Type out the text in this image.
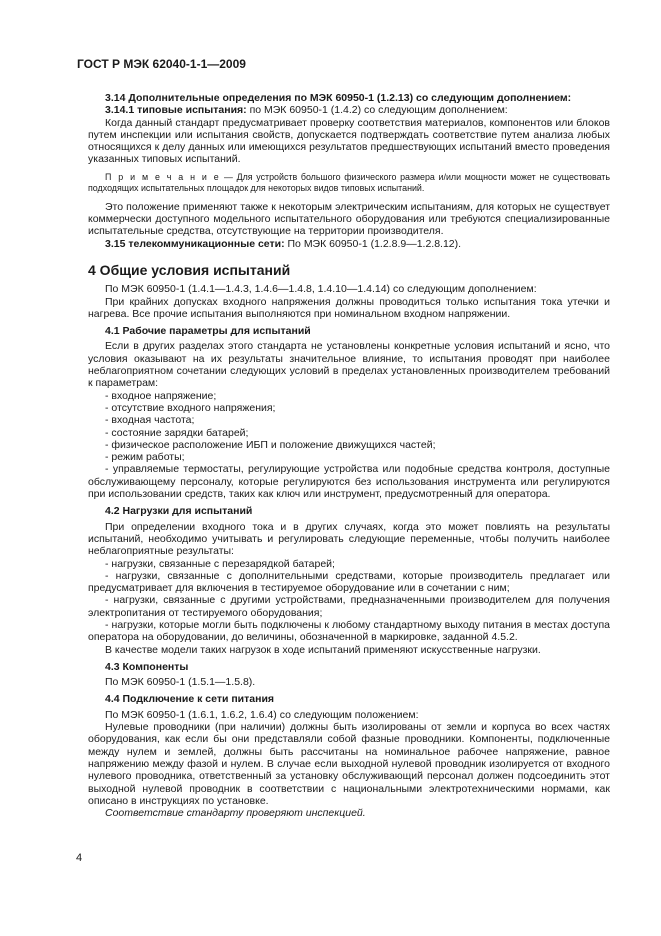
ГОСТ Р МЭК 62040-1-1—2009

3.14 Дополнительные определения по МЭК 60950-1 (1.2.13) со следующим дополнением:

3.14.1 типовые испытания: по МЭК 60950-1 (1.4.2) со следующим дополнением:

Когда данный стандарт предусматривает проверку соответствия материалов, компонентов или блоков путем инспекции или испытания свойств, допускается подтверждать соответствие путем анализа любых относящихся к делу данных или имеющихся результатов предшествующих испытаний вместо проведения указанных типовых испытаний.

П р и м е ч а н и е — Для устройств большого физического размера и/или мощности может не существовать подходящих испытательных площадок для некоторых видов типовых испытаний.

Это положение применяют также к некоторым электрическим испытаниям, для которых не существует коммерчески доступного модельного испытательного оборудования или требуются специализированные испытательные средства, отсутствующие на территории производителя.

3.15 телекоммуникационные сети: По МЭК 60950-1 (1.2.8.9—1.2.8.12).

4 Общие условия испытаний

По МЭК 60950-1 (1.4.1—1.4.3, 1.4.6—1.4.8, 1.4.10—1.4.14) со следующим дополнением:

При крайних допусках входного напряжения должны проводиться только испытания тока утечки и нагрева. Все прочие испытания выполняются при номинальном входном напряжении.

4.1 Рабочие параметры для испытаний

Если в других разделах этого стандарта не установлены конкретные условия испытаний и ясно, что условия оказывают на их результаты значительное влияние, то испытания проводят при наиболее неблагоприятном сочетании следующих условий в пределах установленных производителем требований к параметрам:

- входное напряжение;

- отсутствие входного напряжения;

- входная частота;

- состояние зарядки батарей;

- физическое расположение ИБП и положение движущихся частей;

- режим работы;

- управляемые термостаты, регулирующие устройства или подобные средства контроля, доступные обслуживающему персоналу, которые регулируются без использования инструмента или регулируются при использовании средств, таких как ключ или инструмент, предусмотренный для оператора.

4.2 Нагрузки для испытаний

При определении входного тока и в других случаях, когда это может повлиять на результаты испытаний, необходимо учитывать и регулировать следующие переменные, чтобы получить наиболее неблагоприятные результаты:

- нагрузки, связанные с перезарядкой батарей;

- нагрузки, связанные с дополнительными средствами, которые производитель предлагает или предусматривает для включения в тестируемое оборудование или в сочетании с ним;

- нагрузки, связанные с другими устройствами, предназначенными производителем для получения электропитания от тестируемого оборудования;

- нагрузки, которые могли быть подключены к любому стандартному выходу питания в местах доступа оператора на оборудовании, до величины, обозначенной в маркировке, заданной 4.5.2.

В качестве модели таких нагрузок в ходе испытаний применяют искусственные нагрузки.

4.3 Компоненты

По МЭК 60950-1 (1.5.1—1.5.8).

4.4 Подключение к сети питания

По МЭК 60950-1 (1.6.1, 1.6.2, 1.6.4) со следующим положением:

Нулевые проводники (при наличии) должны быть изолированы от земли и корпуса во всех частях оборудования, как если бы они представляли собой фазные проводники. Компоненты, подключенные между нулем и землей, должны быть рассчитаны на номинальное рабочее напряжение, равное напряжению между фазой и нулем. В случае если выходной нулевой проводник изолируется от входного нулевого проводника, ответственный за установку обслуживающий персонал должен подсоединить этот выходной нулевой проводник в соответствии с национальными электротехническими нормами, как описано в инструкциях по установке.

Соответствие стандарту проверяют инспекцией.

4
